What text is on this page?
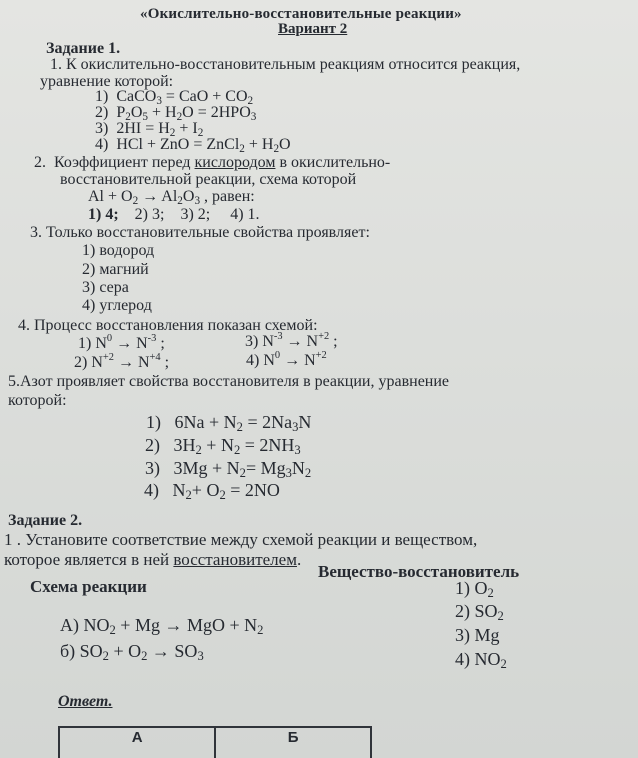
«Окислительно-восстановительные реакции»
Вариант 2
Задание 1.
1. К окислительно-восстановительным реакциям относится реакция,
уравнение которой:
1) CaCO$_3$ = CaO + $CO_2$
2) $P_2O_5 + H_2O = 2HPO_3$
3) $2HI = H_2 + I_2$
4) HCl + ZnO = ZnCl$_2$ + $H_2O$
2. Коэффициент перед кислородом в окислительно-
восстановительной реакции, схема которой
$Al + O_2 \to Al_2O_3$ , равен:
1) 4; 2) 3; 3) 2; 4) 1.
3. Только восстановительные свойства проявляет:
1) водород
2) магний
3) сера
4) углерод
4. Процесс восстановления показан схемой:
1) $N^0 \to N^{-3}$ ;	3) $N^{-3} \to N^{+2}$ ;
2) $N^{+2} \to N^{+4}$ ;	4) $N^0 \to N^{+2}$
5.Азот проявляет свойства восстановителя в реакции, уравнение
которой:
1) $6Na + N_2 = 2Na_3N$
2) $3H_2 + N_2 = 2NH_3$
3) $3Mg + N_2= Mg_3N_2$
4) $N_2+ O_2 = 2NO$
Задание 2.
1 . Установите соответствие между схемой реакции и веществом,
которое является в ней восстановителем.
Схема реакции
Вещество-восстановитель
А) $NO_2 + Mg$ → MgO + $N_2$
б) $SO_2 + O_2 \to SO_3$
1) $O_2$
2) $SO_2$
3) Mg
4) $NO_2$
Ответ.
А	Б
